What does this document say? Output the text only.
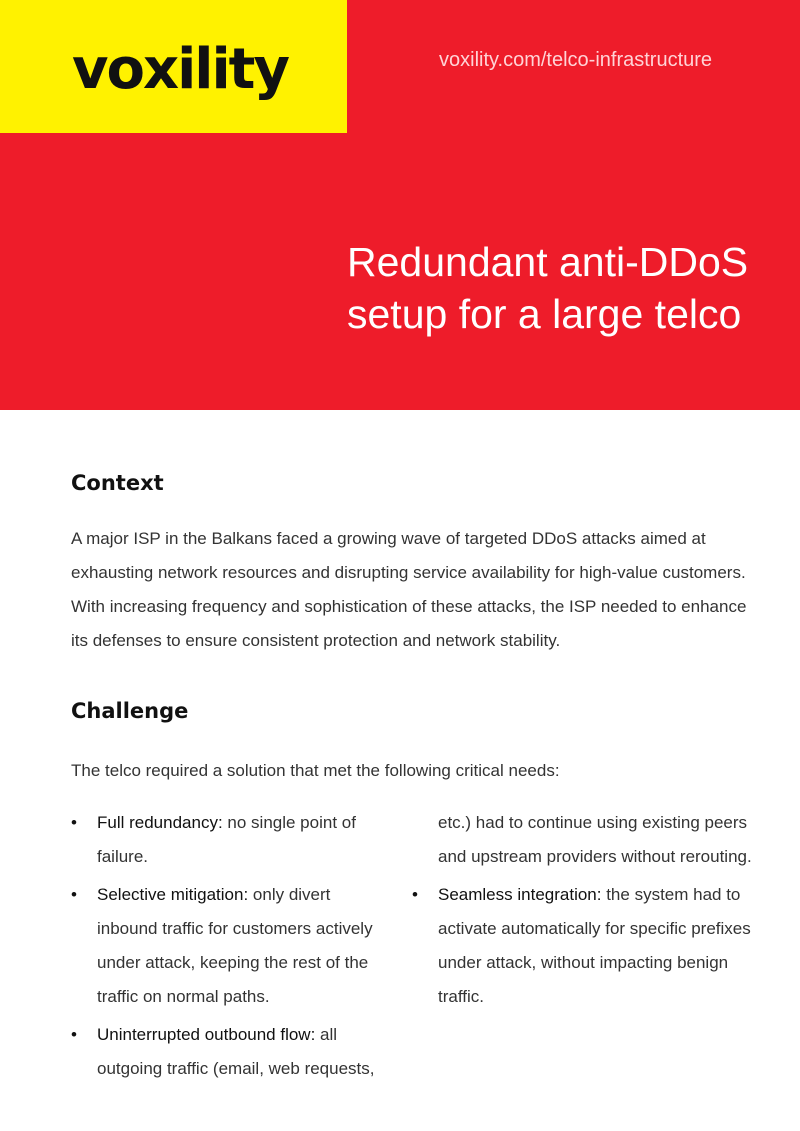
voxility	voxility.com/telco-infrastructure
Redundant anti-DDoS
setup for a large telco
Context

A major ISP in the Balkans faced a growing wave of targeted DDoS attacks aimed at exhausting network resources and disrupting service availability for high-value customers. With increasing frequency and sophistication of these attacks, the ISP needed to enhance its defenses to ensure consistent protection and network stability.

Challenge

The telco required a solution that met the following critical needs:

• Full redundancy: no single point of failure.
• Selective mitigation: only divert inbound traffic for customers actively under attack, keeping the rest of the traffic on normal paths.
• Uninterrupted outbound flow: all outgoing traffic (email, web requests,

etc.) had to continue using existing peers and upstream providers without rerouting.

• Seamless integration: the system had to activate automatically for specific prefixes under attack, without impacting benign traffic.
